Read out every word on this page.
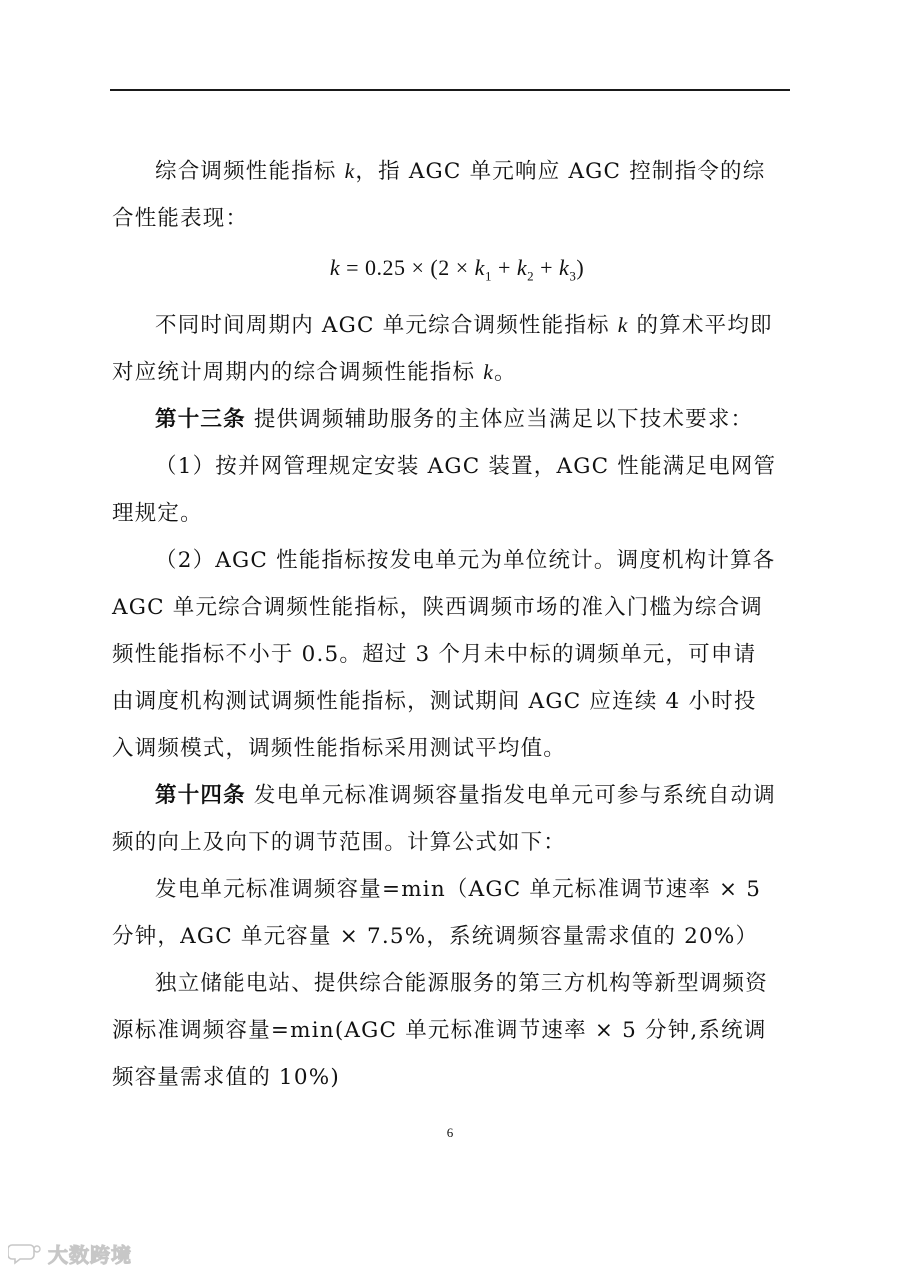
综合调频性能指标 k，指 AGC 单元响应 AGC 控制指令的综合性能表现：

$k = 0.25 \times (2 \times k_1 + k_2 + k_3)$

不同时间周期内 AGC 单元综合调频性能指标 k 的算术平均即对应统计周期内的综合调频性能指标 k。

第十三条 提供调频辅助服务的主体应当满足以下技术要求：

（1）按并网管理规定安装 AGC 装置，AGC 性能满足电网管理规定。

（2）AGC 性能指标按发电单元为单位统计。调度机构计算各 AGC 单元综合调频性能指标，陕西调频市场的准入门槛为综合调频性能指标不小于 0.5。超过 3 个月未中标的调频单元，可申请由调度机构测试调频性能指标，测试期间 AGC 应连续 4 小时投入调频模式，调频性能指标采用测试平均值。

第十四条 发电单元标准调频容量指发电单元可参与系统自动调频的向上及向下的调节范围。计算公式如下：

发电单元标准调频容量=min（AGC 单元标准调节速率 × 5 分钟，AGC 单元容量 × 7.5%，系统调频容量需求值的 20%）

独立储能电站、提供综合能源服务的第三方机构等新型调频资源标准调频容量=min(AGC 单元标准调节速率 × 5 分钟,系统调频容量需求值的 10%)

6
大数跨境
